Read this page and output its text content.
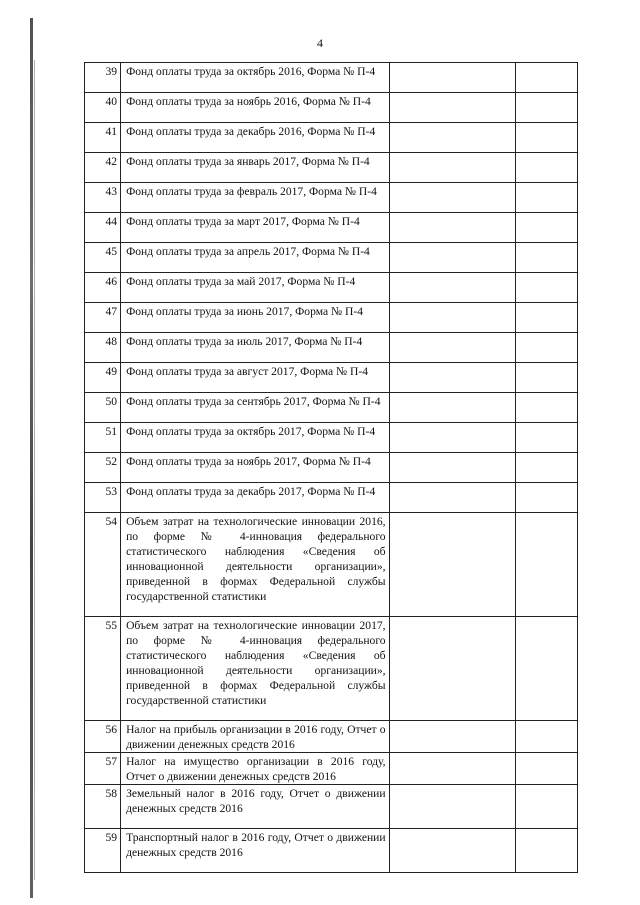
4
39	Фонд оплаты труда за октябрь 2016, Форма № П-4		

40	Фонд оплаты труда за ноябрь 2016, Форма № П-4		

41	Фонд оплаты труда за декабрь 2016, Форма № П-4		

42	Фонд оплаты труда за январь 2017, Форма № П-4		

43	Фонд оплаты труда за февраль 2017, Форма № П-4		

44	Фонд оплаты труда за март 2017, Форма № П-4		

45	Фонд оплаты труда за апрель 2017, Форма № П-4		

46	Фонд оплаты труда за май 2017, Форма № П-4		

47	Фонд оплаты труда за июнь 2017, Форма № П-4		

48	Фонд оплаты труда за июль 2017, Форма № П-4		

49	Фонд оплаты труда за август 2017, Форма № П-4		

50	Фонд оплаты труда за сентябрь 2017, Форма № П-4		

51	Фонд оплаты труда за октябрь 2017, Форма № П-4		

52	Фонд оплаты труда за ноябрь 2017, Форма № П-4		

53	Фонд оплаты труда за декабрь 2017, Форма № П-4		

54	Объем затрат на технологические инновации 2016, по форме № 4-инновация федерального статистического наблюдения «Сведения об инновационной деятельности организации», приведенной в формах Федеральной службы государственной статистики		

55	Объем затрат на технологические инновации 2017, по форме № 4-инновация федерального статистического наблюдения «Сведения об инновационной деятельности организации», приведенной в формах Федеральной службы государственной статистики		

56	Налог на прибыль организации в 2016 году, Отчет о движении денежных средств 2016		

57	Налог на имущество организации в 2016 году, Отчет о движении денежных средств 2016		

58	Земельный налог в 2016 году, Отчет о движении денежных средств 2016		

59	Транспортный налог в 2016 году, Отчет о движении денежных средств 2016		
